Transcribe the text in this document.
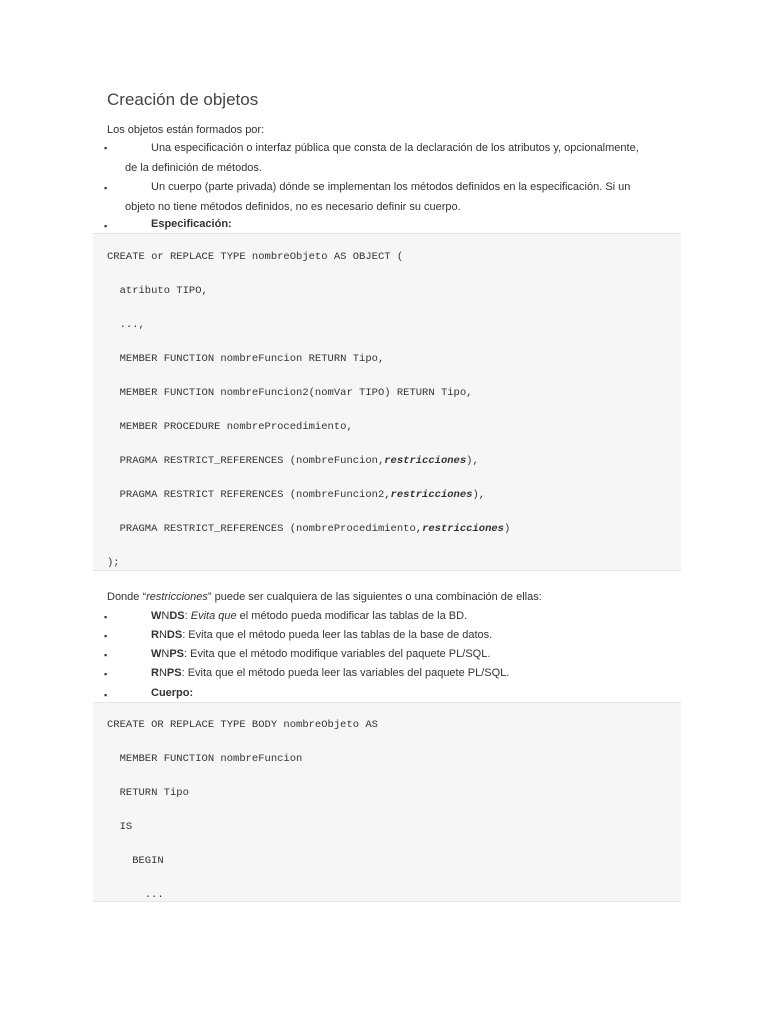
Creación de objetos
Los objetos están formados por:
▪	Una especificación o interfaz pública que consta de la declaración de los atributos y, opcionalmente,
de la definición de métodos.
▪	Un cuerpo (parte privada) dónde se implementan los métodos definidos en la especificación. Si un
objeto no tiene métodos definidos, no es necesario definir su cuerpo.
▪	Especificación:
CREATE or REPLACE TYPE nombreObjeto AS OBJECT (
atributo TIPO,
...,
MEMBER FUNCTION nombreFuncion RETURN Tipo,
MEMBER FUNCTION nombreFuncion2(nomVar TIPO) RETURN Tipo,
MEMBER PROCEDURE nombreProcedimiento,
PRAGMA RESTRICT_REFERENCES (nombreFuncion,restricciones),
PRAGMA RESTRICT REFERENCES (nombreFuncion2,restricciones),
PRAGMA RESTRICT_REFERENCES (nombreProcedimiento,restricciones)
);
Donde “restricciones” puede ser cualquiera de las siguientes o una combinación de ellas:
▪	WNDS: Evita que el método pueda modificar las tablas de la BD.
▪	RNDS: Evita que el método pueda leer las tablas de la base de datos.
▪	WNPS: Evita que el método modifique variables del paquete PL/SQL.
▪	RNPS: Evita que el método pueda leer las variables del paquete PL/SQL.
▪	Cuerpo:
CREATE OR REPLACE TYPE BODY nombreObjeto AS
MEMBER FUNCTION nombreFuncion
RETURN Tipo
IS
BEGIN
...
